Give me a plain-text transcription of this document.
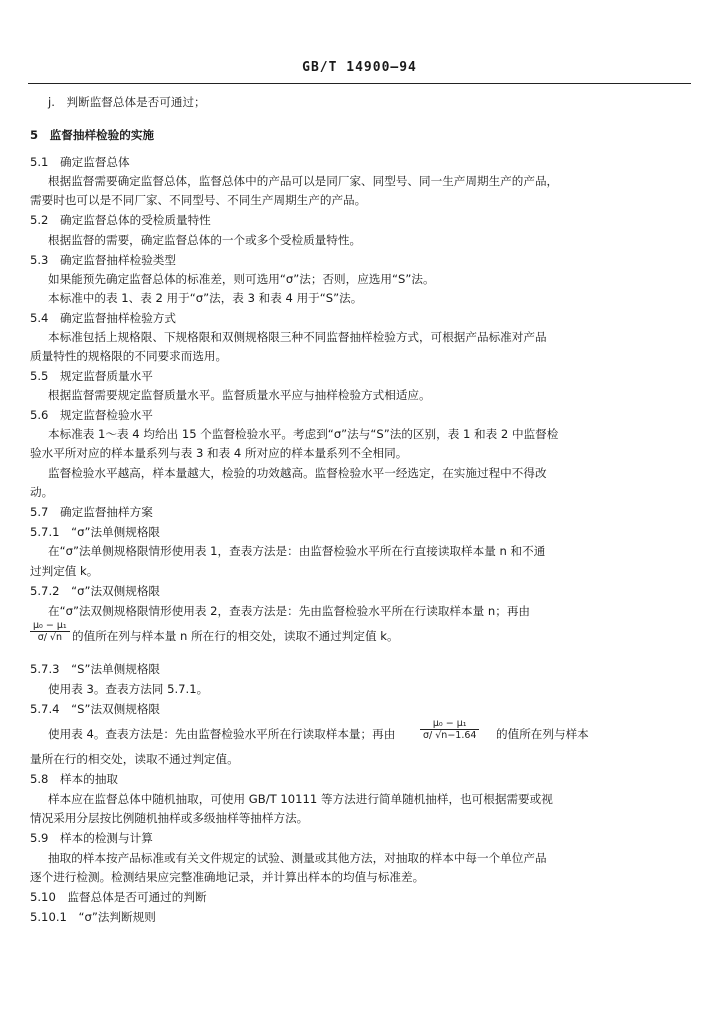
GB/T 14900—94
j.　判断监督总体是否可通过；
5　监督抽样检验的实施
5.1　确定监督总体
根据监督需要确定监督总体，监督总体中的产品可以是同厂家、同型号、同一生产周期生产的产品，
需要时也可以是不同厂家、不同型号、不同生产周期生产的产品。
5.2　确定监督总体的受检质量特性
根据监督的需要，确定监督总体的一个或多个受检质量特性。
5.3　确定监督抽样检验类型
如果能预先确定监督总体的标准差，则可选用“σ”法；否则，应选用“S”法。
本标准中的表 1、表 2 用于“σ”法，表 3 和表 4 用于“S”法。
5.4　确定监督抽样检验方式
本标准包括上规格限、下规格限和双侧规格限三种不同监督抽样检验方式，可根据产品标准对产品
质量特性的规格限的不同要求而选用。
5.5　规定监督质量水平
根据监督需要规定监督质量水平。监督质量水平应与抽样检验方式相适应。
5.6　规定监督检验水平
本标准表 1～表 4 均给出 15 个监督检验水平。考虑到“σ”法与“S”法的区别，表 1 和表 2 中监督检
验水平所对应的样本量系列与表 3 和表 4 所对应的样本量系列不全相同。
监督检验水平越高，样本量越大，检验的功效越高。监督检验水平一经选定，在实施过程中不得改
动。
5.7　确定监督抽样方案
5.7.1　“σ”法单侧规格限
在“σ”法单侧规格限情形使用表 1，查表方法是：由监督检验水平所在行直接读取样本量 n 和不通
过判定值 k。
5.7.2　“σ”法双侧规格限
在“σ”法双侧规格限情形使用表 2，查表方法是：先由监督检验水平所在行读取样本量 n；再由
$\frac{\text{μ₀ − μ₁}}{\sigma/ √n}$ 的值所在列与样本量 n 所在行的相交处，读取不通过判定值 k。
5.7.3　“S”法单侧规格限
使用表 3。查表方法同 5.7.1。
5.7.4　“S”法双侧规格限
使用表 4。查表方法是：先由监督检验水平所在行读取样本量；再由	$\frac{\text{μ₀ − μ₁}}{\sigma/ √n-1.64}$ 的值所在列与样本
量所在行的相交处，读取不通过判定值。
5.8　样本的抽取
样本应在监督总体中随机抽取，可使用 GB/T 10111 等方法进行简单随机抽样，也可根据需要或视
情况采用分层按比例随机抽样或多级抽样等抽样方法。
5.9　样本的检测与计算
抽取的样本按产品标准或有关文件规定的试验、测量或其他方法，对抽取的样本中每一个单位产品
逐个进行检测。检测结果应完整准确地记录，并计算出样本的均值与标准差。
5.10　监督总体是否可通过的判断
5.10.1　“σ”法判断规则
